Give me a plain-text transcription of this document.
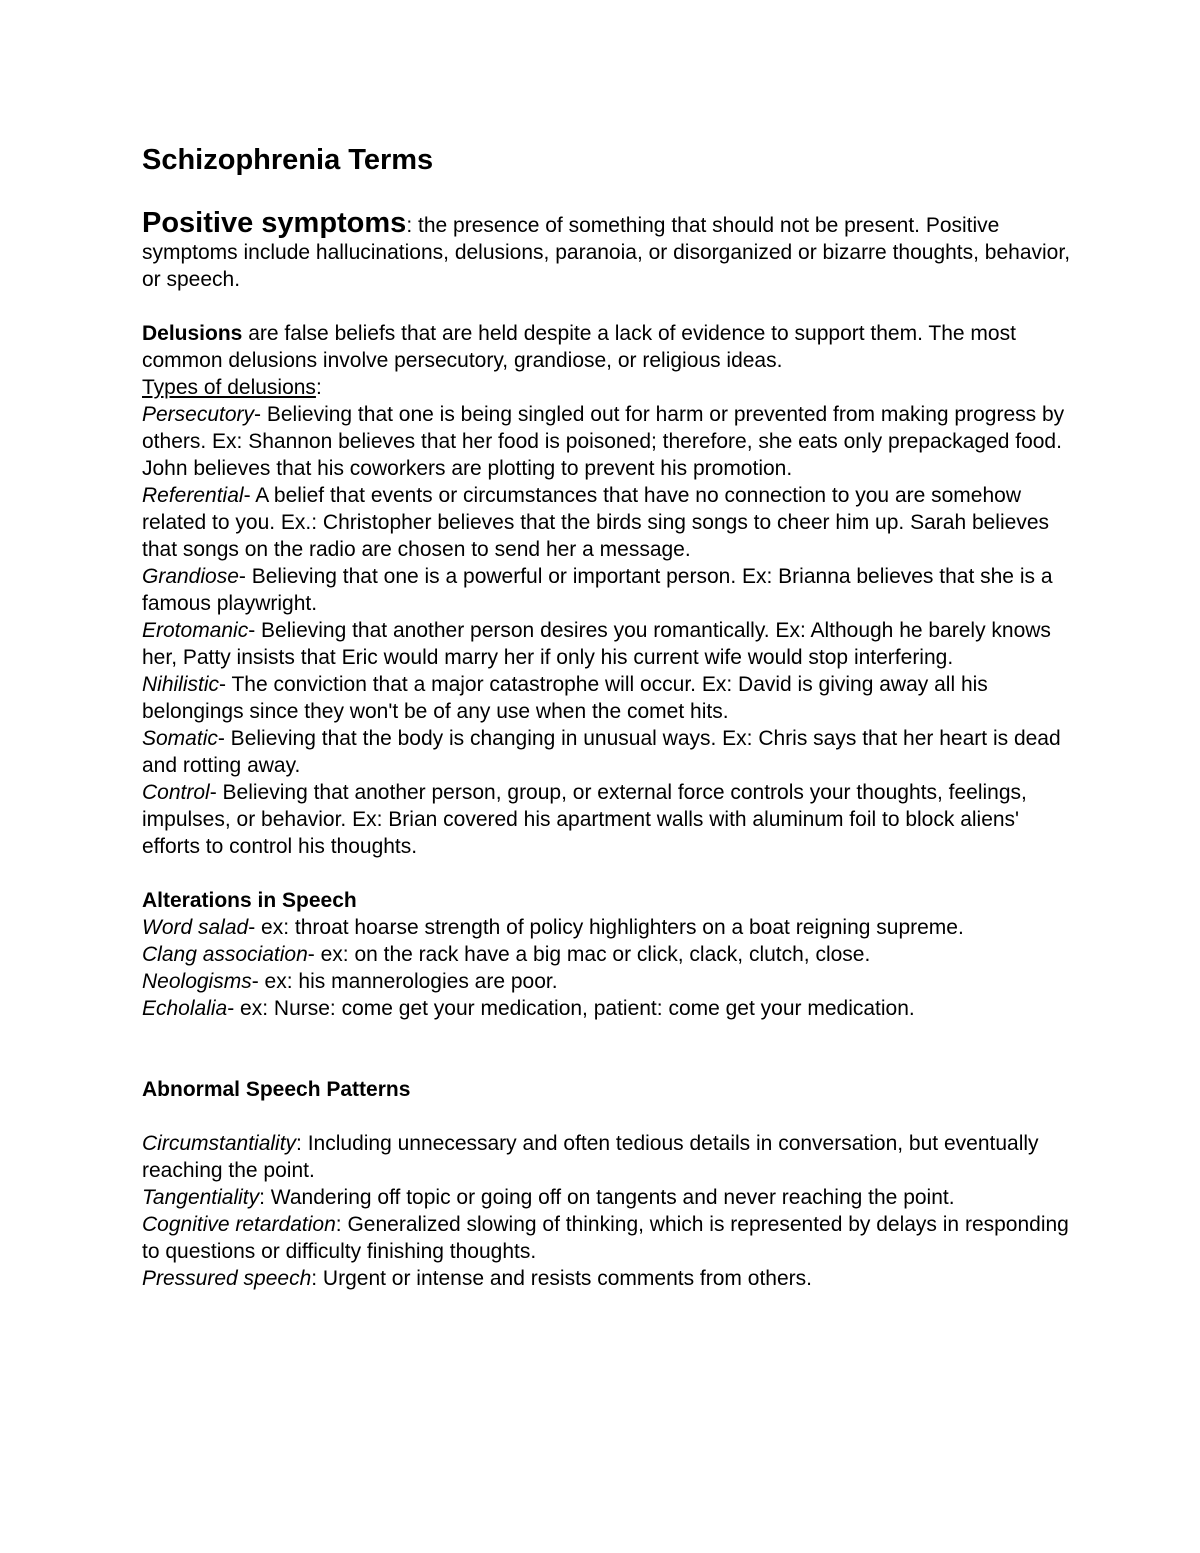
Schizophrenia Terms

Positive symptoms: the presence of something that should not be present. Positive symptoms include hallucinations, delusions, paranoia, or disorganized or bizarre thoughts, behavior, or speech.

Delusions are false beliefs that are held despite a lack of evidence to support them. The most common delusions involve persecutory, grandiose, or religious ideas.

Types of delusions:

Persecutory- Believing that one is being singled out for harm or prevented from making progress by others. Ex: Shannon believes that her food is poisoned; therefore, she eats only prepackaged food. John believes that his coworkers are plotting to prevent his promotion.

Referential- A belief that events or circumstances that have no connection to you are somehow related to you. Ex.: Christopher believes that the birds sing songs to cheer him up. Sarah believes that songs on the radio are chosen to send her a message.

Grandiose- Believing that one is a powerful or important person. Ex: Brianna believes that she is a famous playwright.

Erotomanic- Believing that another person desires you romantically. Ex: Although he barely knows her, Patty insists that Eric would marry her if only his current wife would stop interfering.

Nihilistic- The conviction that a major catastrophe will occur. Ex: David is giving away all his belongings since they won't be of any use when the comet hits.

Somatic- Believing that the body is changing in unusual ways. Ex: Chris says that her heart is dead and rotting away.

Control- Believing that another person, group, or external force controls your thoughts, feelings, impulses, or behavior. Ex: Brian covered his apartment walls with aluminum foil to block aliens' efforts to control his thoughts.

Alterations in Speech

Word salad- ex: throat hoarse strength of policy highlighters on a boat reigning supreme.

Clang association- ex: on the rack have a big mac or click, clack, clutch, close.

Neologisms- ex: his mannerologies are poor.

Echolalia- ex: Nurse: come get your medication, patient: come get your medication.

Abnormal Speech Patterns

Circumstantiality: Including unnecessary and often tedious details in conversation, but eventually reaching the point.

Tangentiality: Wandering off topic or going off on tangents and never reaching the point.

Cognitive retardation: Generalized slowing of thinking, which is represented by delays in responding to questions or difficulty finishing thoughts.

Pressured speech: Urgent or intense and resists comments from others.
